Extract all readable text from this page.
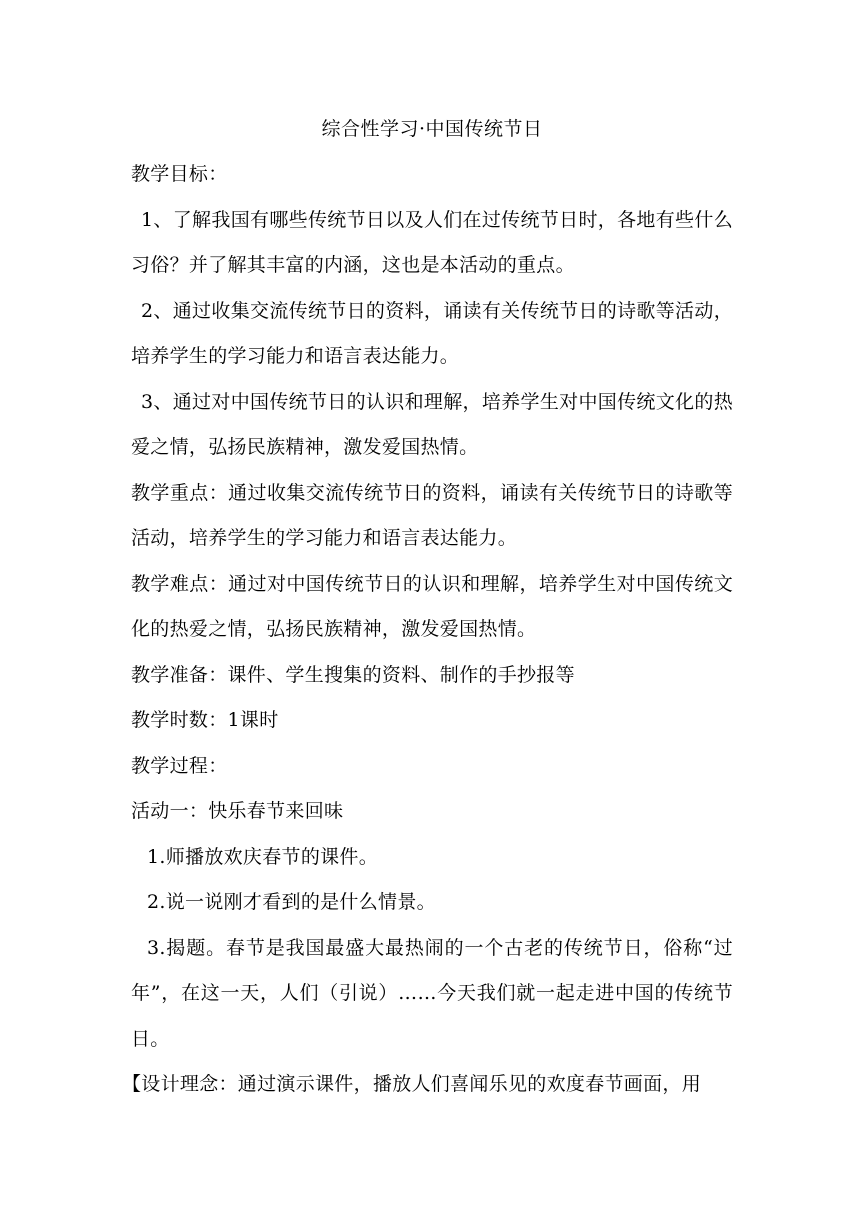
综合性学习·中国传统节日

教学目标：

1、了解我国有哪些传统节日以及人们在过传统节日时，各地有些什么习俗？并了解其丰富的内涵，这也是本活动的重点。

2、通过收集交流传统节日的资料，诵读有关传统节日的诗歌等活动，培养学生的学习能力和语言表达能力。

3、通过对中国传统节日的认识和理解，培养学生对中国传统文化的热爱之情，弘扬民族精神，激发爱国热情。

教学重点：通过收集交流传统节日的资料，诵读有关传统节日的诗歌等活动，培养学生的学习能力和语言表达能力。

教学难点：通过对中国传统节日的认识和理解，培养学生对中国传统文化的热爱之情，弘扬民族精神，激发爱国热情。

教学准备：课件、学生搜集的资料、制作的手抄报等

教学时数：1课时

教学过程：

活动一：快乐春节来回味

1.师播放欢庆春节的课件。

2.说一说刚才看到的是什么情景。

3.揭题。春节是我国最盛大最热闹的一个古老的传统节日，俗称“过年”，在这一天，人们（引说）……今天我们就一起走进中国的传统节日。

【设计理念：通过演示课件，播放人们喜闻乐见的欢度春节画面，用
